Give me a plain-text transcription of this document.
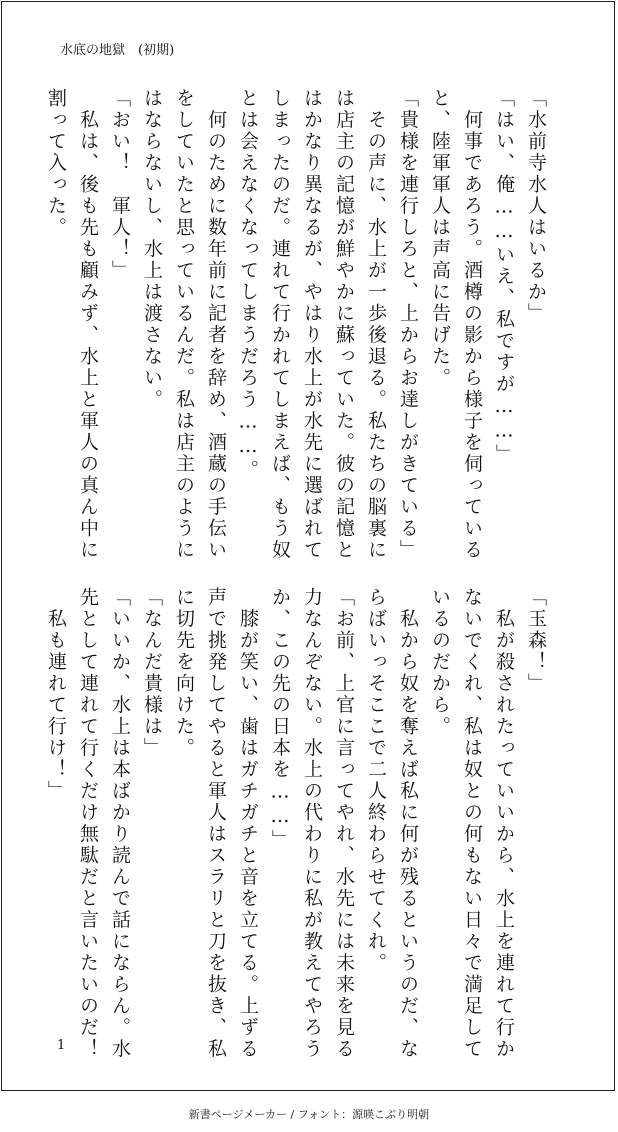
水底の地獄　(初期)
「水前寺水人はいるか」
「はい、俺……いえ、私ですが……」
　何事であろう。酒樽の影から様子を伺っている
と、陸軍軍人は声高に告げた。
「貴様を連行しろと、上からお達しがきている」
　その声に、水上が一歩後退る。私たちの脳裏に
は店主の記憶が鮮やかに蘇っていた。彼の記憶と
はかなり異なるが、やはり水上が水先に選ばれて
しまったのだ。連れて行かれてしまえば、もう奴
とは会えなくなってしまうだろう……。
　何のために数年前に記者を辞め、酒蔵の手伝い
をしていたと思っているんだ。私は店主のように
はならないし、水上は渡さない。
「おい！　軍人！」
　私は、後も先も顧みず、水上と軍人の真ん中に
割って入った。
「玉森！」
　私が殺されたっていいから、水上を連れて行か
ないでくれ、私は奴との何もない日々で満足して
いるのだから。
　私から奴を奪えば私に何が残るというのだ、な
らばいっそここで二人終わらせてくれ。
「お前、上官に言ってやれ、水先には未来を見る
力なんぞない。水上の代わりに私が教えてやろう
か、この先の日本を……」
　膝が笑い、歯はガチガチと音を立てる。上ずる
声で挑発してやると軍人はスラリと刀を抜き、私
に切先を向けた。
「なんだ貴様は」
「いいか、水上は本ばかり読んで話にならん。水
先として連れて行くだけ無駄だと言いたいのだ！
　私も連れて行け！」
1
新書ページメーカー / フォント：源暎こぶり明朝
